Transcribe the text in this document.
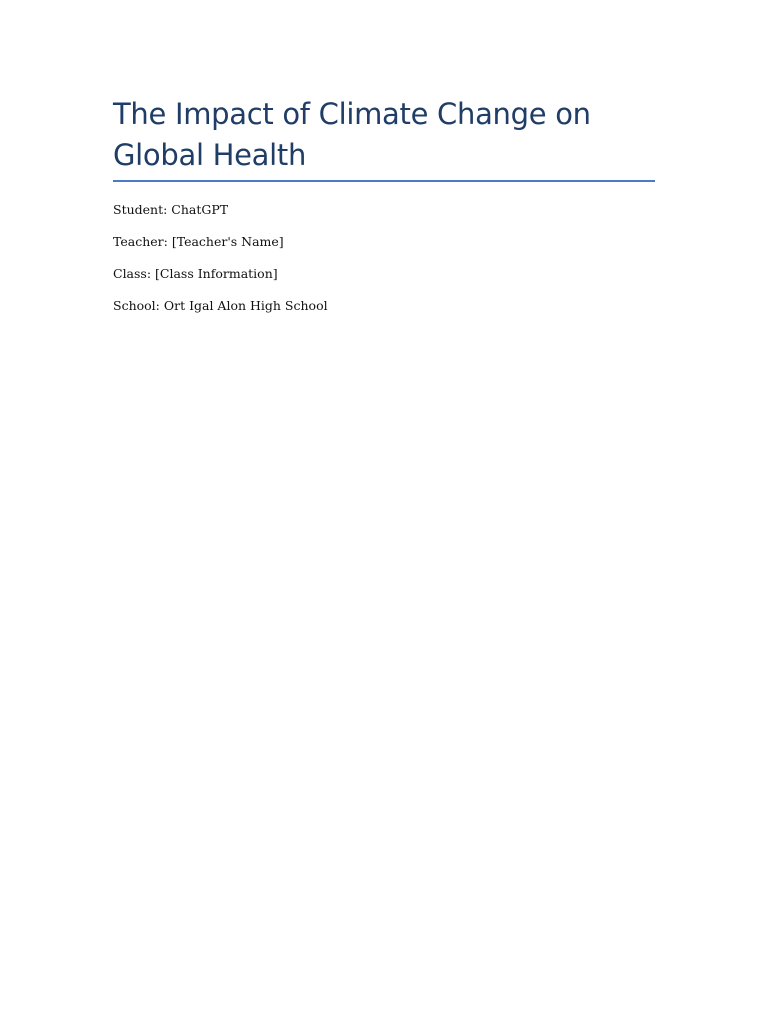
The Impact of Climate Change on Global Health

Student: ChatGPT

Teacher: [Teacher's Name]

Class: [Class Information]

School: Ort Igal Alon High School
